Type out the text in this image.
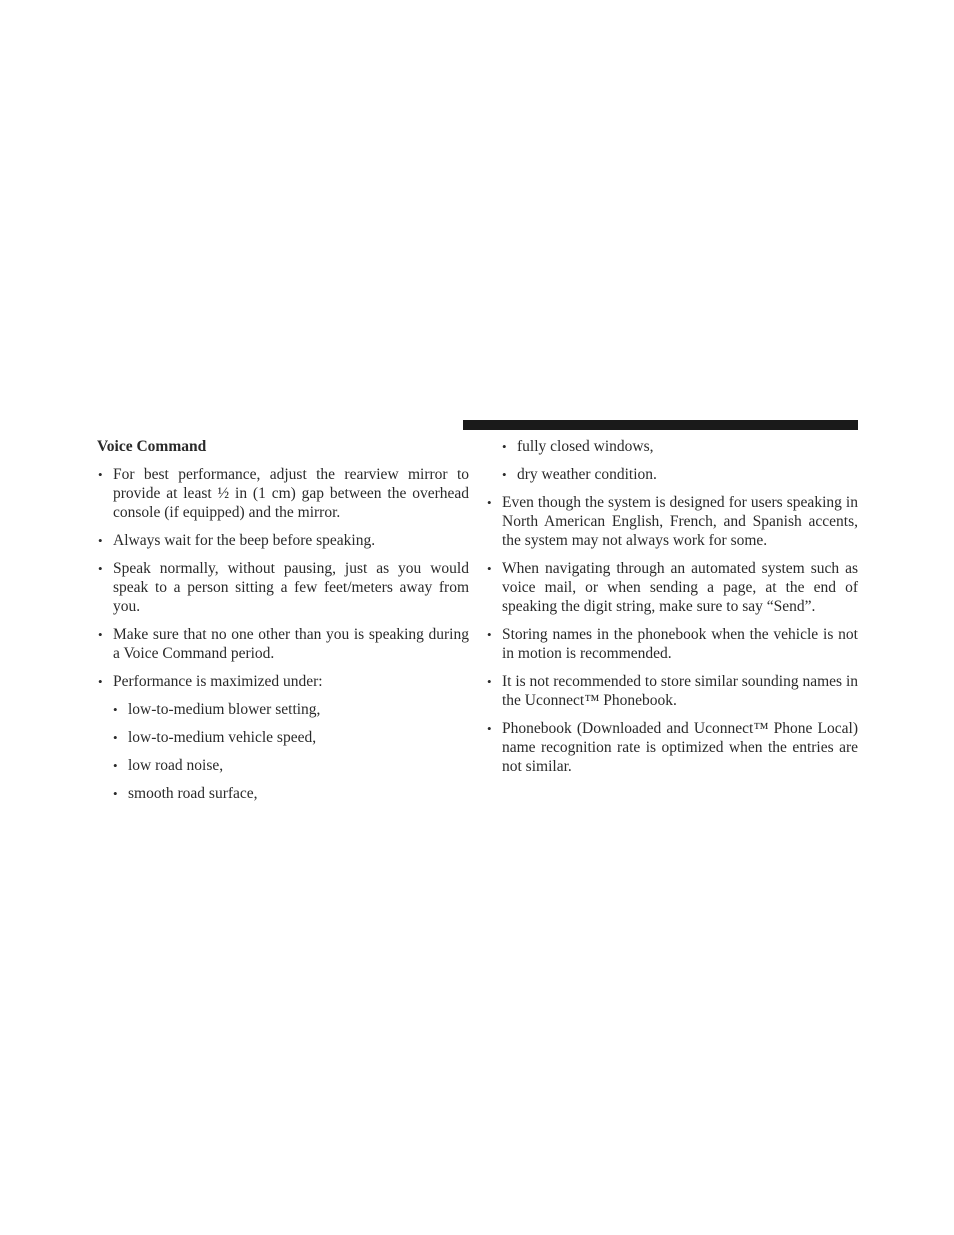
Voice Command
• For best performance, adjust the rearview mirror to provide at least ½ in (1 cm) gap between the overhead console (if equipped) and the mirror.
• Always wait for the beep before speaking.
• Speak normally, without pausing, just as you would speak to a person sitting a few feet/meters away from you.
• Make sure that no one other than you is speaking during a Voice Command period.
• Performance is maximized under:
• low-to-medium blower setting,
• low-to-medium vehicle speed,
• low road noise,
• smooth road surface,
• fully closed windows,
• dry weather condition.
• Even though the system is designed for users speaking in North American English, French, and Spanish accents, the system may not always work for some.
• When navigating through an automated system such as voice mail, or when sending a page, at the end of speaking the digit string, make sure to say “Send”.
• Storing names in the phonebook when the vehicle is not in motion is recommended.
• It is not recommended to store similar sounding names in the Uconnect™ Phonebook.
• Phonebook (Downloaded and Uconnect™ Phone Local) name recognition rate is optimized when the entries are not similar.
